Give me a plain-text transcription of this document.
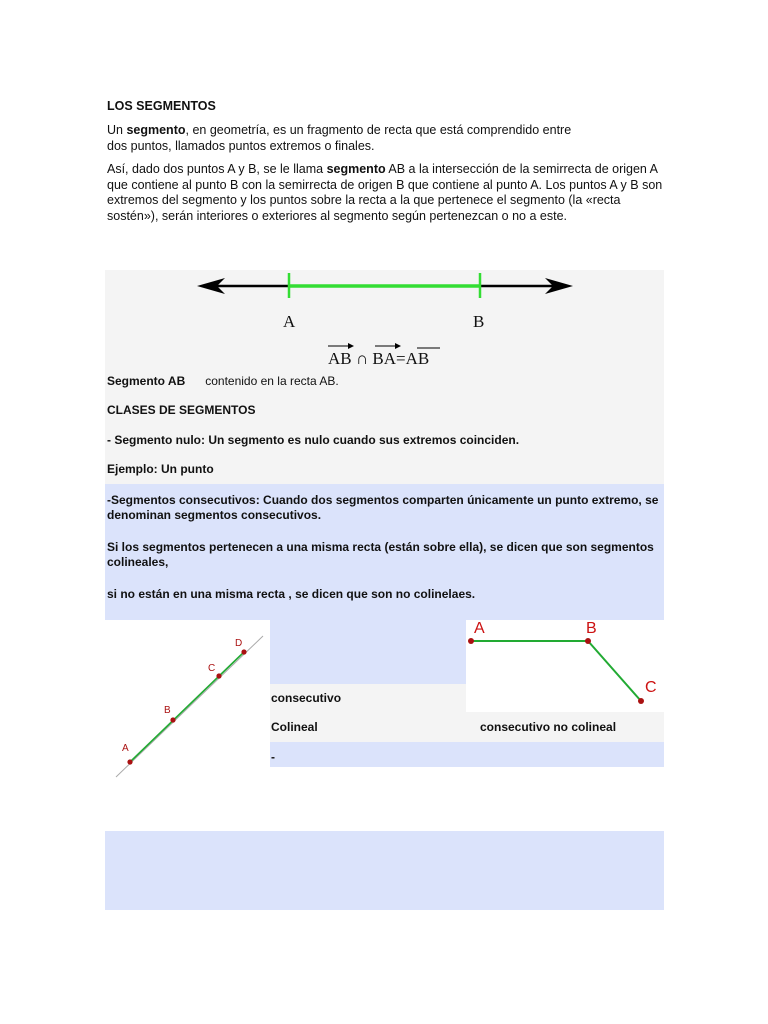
LOS SEGMENTOS
Un segmento, en geometría, es un fragmento de recta que está comprendido entre
dos puntos, llamados puntos extremos o finales.
Así, dado dos puntos A y B, se le llama segmento AB a la intersección de la semirrecta de origen A que contiene al punto B con la semirrecta de origen B que contiene al punto A. Los puntos A y B son extremos del segmento y los puntos sobre la recta a la que pertenece el segmento (la «recta sostén»), serán interiores o exteriores al segmento según pertenezcan o no a este.
A	B
AB ∩ BA=AB
Segmento AB contenido en la recta AB.
CLASES DE SEGMENTOS
- Segmento nulo: Un segmento es nulo cuando sus extremos coinciden.
Ejemplo: Un punto
-Segmentos consecutivos: Cuando dos segmentos comparten únicamente un punto extremo, se denominan segmentos consecutivos.
Si los segmentos pertenecen a una misma recta (están sobre ella), se dicen que son segmentos colineales,
si no están en una misma recta , se dicen que son no colinelaes.
consecutivo
Colineal	consecutivo no colineal
-
A
B
C
D
A	B
C
